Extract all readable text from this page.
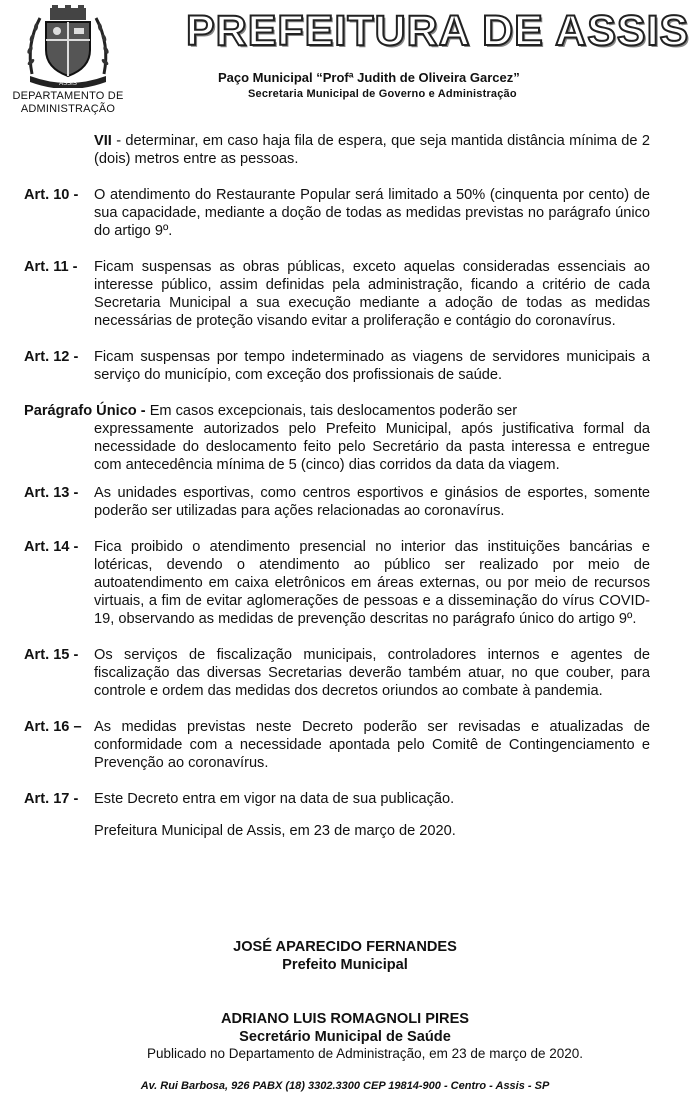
ASSIS
DEPARTAMENTO DE
ADMINISTRAÇÃO
PREFEITURA DE ASSIS
Paço Municipal “Profª Judith de Oliveira Garcez”
Secretaria Municipal de Governo e Administração
VII - determinar, em caso haja fila de espera, que seja mantida distância mínima de 2 (dois) metros entre as pessoas.
Art. 10 -	O atendimento do Restaurante Popular será limitado a 50% (cinquenta por cento) de sua capacidade, mediante a doção de todas as medidas previstas no parágrafo único do artigo 9º.
Art. 11 -	Ficam suspensas as obras públicas, exceto aquelas consideradas essenciais ao interesse público, assim definidas pela administração, ficando a critério de cada Secretaria Municipal a sua execução mediante a adoção de todas as medidas necessárias de proteção visando evitar a proliferação e contágio do coronavírus.
Art. 12 -	Ficam suspensas por tempo indeterminado as viagens de servidores municipais a serviço do município, com exceção dos profissionais de saúde.
Parágrafo Único - Em casos excepcionais, tais deslocamentos poderão ser
expressamente autorizados pelo Prefeito Municipal, após justificativa formal da necessidade do deslocamento feito pelo Secretário da pasta interessa e entregue com antecedência mínima de 5 (cinco) dias corridos da data da viagem.
Art. 13 -	As unidades esportivas, como centros esportivos e ginásios de esportes, somente poderão ser utilizadas para ações relacionadas ao coronavírus.
Art. 14 -	Fica proibido o atendimento presencial no interior das instituições bancárias e lotéricas, devendo o atendimento ao público ser realizado por meio de autoatendimento em caixa eletrônicos em áreas externas, ou por meio de recursos virtuais, a fim de evitar aglomerações de pessoas e a disseminação do vírus COVID-19, observando as medidas de prevenção descritas no parágrafo único do artigo 9º.
Art. 15 -	Os serviços de fiscalização municipais, controladores internos e agentes de fiscalização das diversas Secretarias deverão também atuar, no que couber, para controle e ordem das medidas dos decretos oriundos ao combate à pandemia.
Art. 16 – As medidas previstas neste Decreto poderão ser revisadas e atualizadas de conformidade com a necessidade apontada pelo Comitê de Contingenciamento e Prevenção ao coronavírus.
Art. 17 -	Este Decreto entra em vigor na data de sua publicação.
Prefeitura Municipal de Assis, em 23 de março de 2020.
JOSÉ APARECIDO FERNANDES
Prefeito Municipal
ADRIANO LUIS ROMAGNOLI PIRES
Secretário Municipal de Saúde
Publicado no Departamento de Administração, em 23 de março de 2020.
Av. Rui Barbosa, 926 PABX (18) 3302.3300 CEP 19814-900 - Centro - Assis - SP
